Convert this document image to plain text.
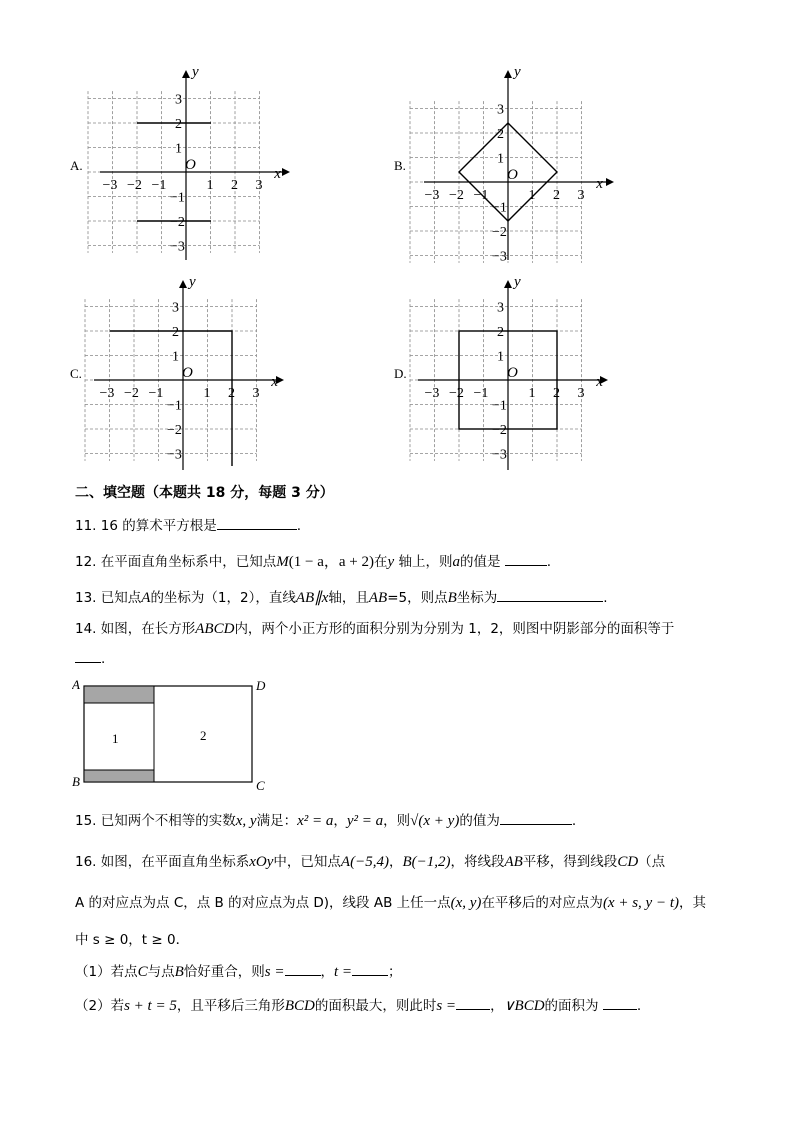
A.
−3 −2 −1	1 2 3
3
2
1
−1
−2
−3
O
x
y
B.
−3 −2 −1	1 2 3
3
2
1
−1
−2
−3
O
x
y
C.
−3 −2 −1	1 2 3
3
2
1
−1
−2
−3
O
x
y
D.
−3 −2 −1	1 2 3
3
2
1
−1
−2
−3
O
x
y
二、填空题（本题共 18 分，每题 3 分）
11. 16 的算术平方根是	.
12. 在平面直角坐标系中，已知点M(1 − a，a + 2)在y 轴上，则a的值是	.
13. 已知点A的坐标为（1，2），直线AB∥x轴，且AB=5，则点B坐标为	.
14. 如图，在长方形ABCD内，两个小正方形的面积分别为分别为 1，2，则图中阴影部分的面积等于
.
A	D
B	C
1	2
15. 已知两个不相等的实数x, y满足：x² = a，y² = a，则√(x + y)的值为	.
16. 如图，在平面直角坐标系xOy中，已知点A(−5,4)，B(−1,2)，将线段AB平移，得到线段CD（点
A 的对应点为点 C，点 B 的对应点为点 D)，线段 AB 上任一点(x, y)在平移后的对应点为(x + s, y − t)，其
中 s ≥ 0，t ≥ 0．
（1）若点C与点B恰好重合，则s =	，t =	；
（2）若s + t = 5，且平移后三角形BCD的面积最大，则此时s =	，∨BCD的面积为	.
